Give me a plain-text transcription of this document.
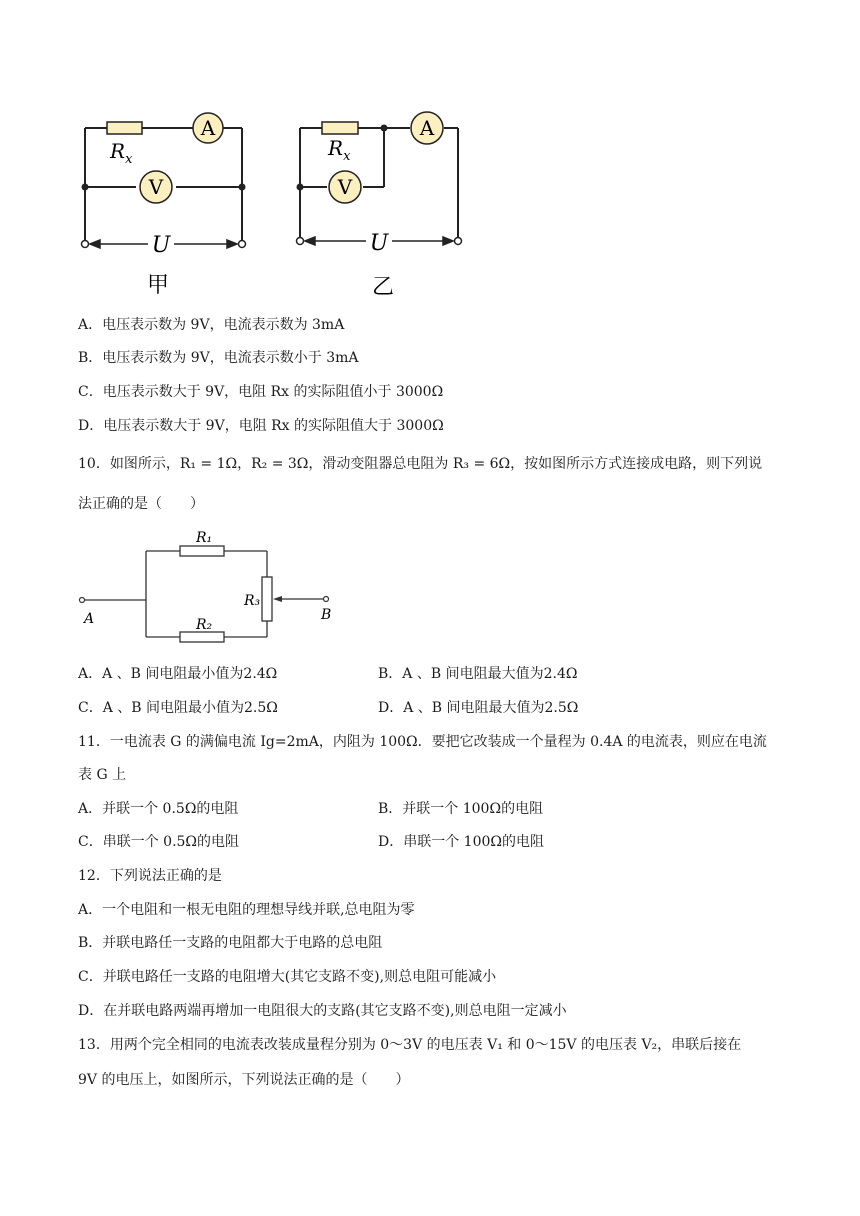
A
V
A
V
U	U
$R_x$	$R_x$
甲	乙
A．电压表示数为 9V，电流表示数为 3mA
B．电压表示数为 9V，电流表示数小于 3mA
C．电压表示数大于 9V，电阻 Rx 的实际阻值小于 3000Ω
D．电压表示数大于 9V，电阻 Rx 的实际阻值大于 3000Ω
10．如图所示，R₁ = 1Ω，R₂ = 3Ω，滑动变阻器总电阻为 R₃ = 6Ω，按如图所示方式连接成电路，则下列说
法正确的是（　　）
R₁
R₂
R₃
A	B
A．A 、B 间电阻最小值为2.4Ω	B．A 、B 间电阻最大值为2.4Ω
C．A 、B 间电阻最小值为2.5Ω	D．A 、B 间电阻最大值为2.5Ω
11．一电流表 G 的满偏电流 Ig=2mA，内阻为 100Ω．要把它改装成一个量程为 0.4A 的电流表，则应在电流
表 G 上
A．并联一个 0.5Ω的电阻	B．并联一个 100Ω的电阻
C．串联一个 0.5Ω的电阻	D．串联一个 100Ω的电阻
12．下列说法正确的是
A．一个电阻和一根无电阻的理想导线并联,总电阻为零
B．并联电路任一支路的电阻都大于电路的总电阻
C．并联电路任一支路的电阻增大(其它支路不变),则总电阻可能减小
D．在并联电路两端再增加一电阻很大的支路(其它支路不变),则总电阻一定减小
13．用两个完全相同的电流表改装成量程分别为 0～3V 的电压表 V₁ 和 0～15V 的电压表 V₂，串联后接在
9V 的电压上，如图所示，下列说法正确的是（　　）
